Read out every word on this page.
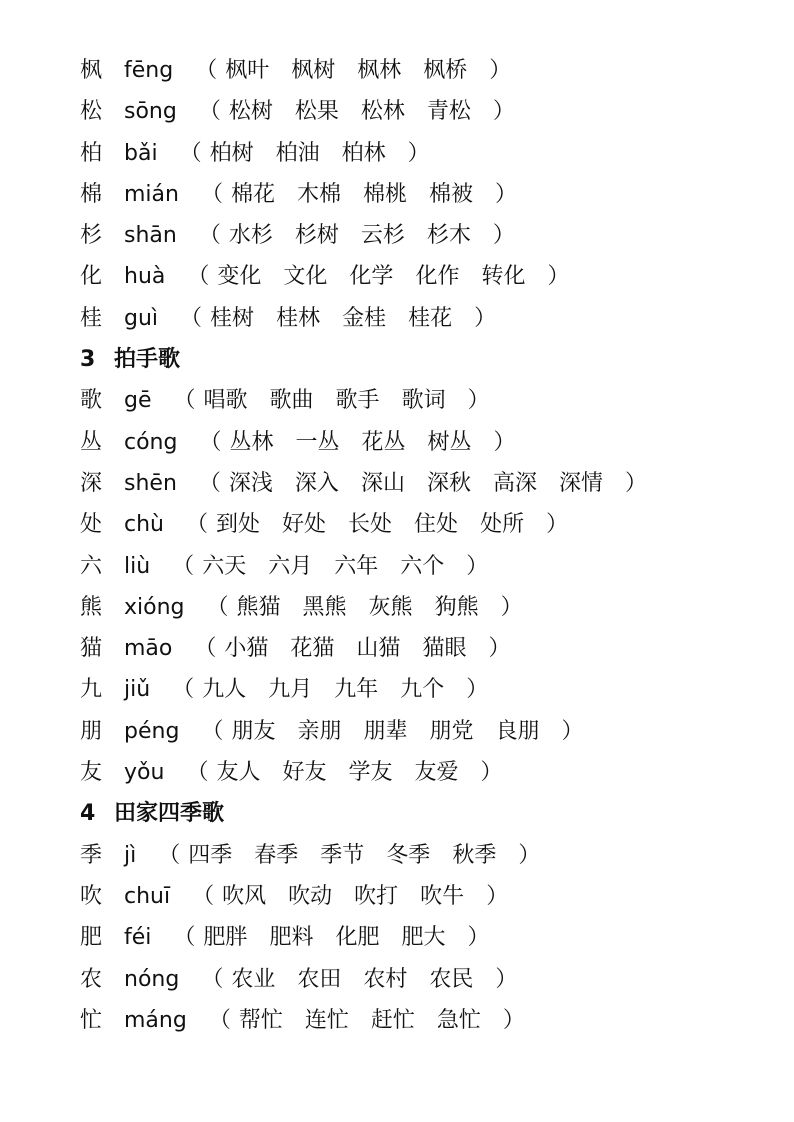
枫 fēng （ 枫叶 枫树 枫林 枫桥 ）
松 sōng （ 松树 松果 松林 青松 ）
柏 bǎi （ 柏树 柏油 柏林 ）
棉 mián （ 棉花 木棉 棉桃 棉被 ）
杉 shān （ 水杉 杉树 云杉 杉木 ）
化 huà （ 变化 文化 化学 化作 转化 ）
桂 guì （ 桂树 桂林 金桂 桂花 ）
3 拍手歌
歌 gē （ 唱歌 歌曲 歌手 歌词 ）
丛 cóng （ 丛林 一丛 花丛 树丛 ）
深 shēn （ 深浅 深入 深山 深秋 高深 深情 ）
处 chù （ 到处 好处 长处 住处 处所 ）
六 liù （ 六天 六月 六年 六个 ）
熊 xióng （ 熊猫 黑熊 灰熊 狗熊 ）
猫 māo （ 小猫 花猫 山猫 猫眼 ）
九 jiǔ （ 九人 九月 九年 九个 ）
朋 péng （ 朋友 亲朋 朋辈 朋党 良朋 ）
友 yǒu （ 友人 好友 学友 友爱 ）
4 田家四季歌
季 jì （ 四季 春季 季节 冬季 秋季 ）
吹 chuī （ 吹风 吹动 吹打 吹牛 ）
肥 féi （ 肥胖 肥料 化肥 肥大 ）
农 nóng （ 农业 农田 农村 农民 ）
忙 máng （ 帮忙 连忙 赶忙 急忙 ）
